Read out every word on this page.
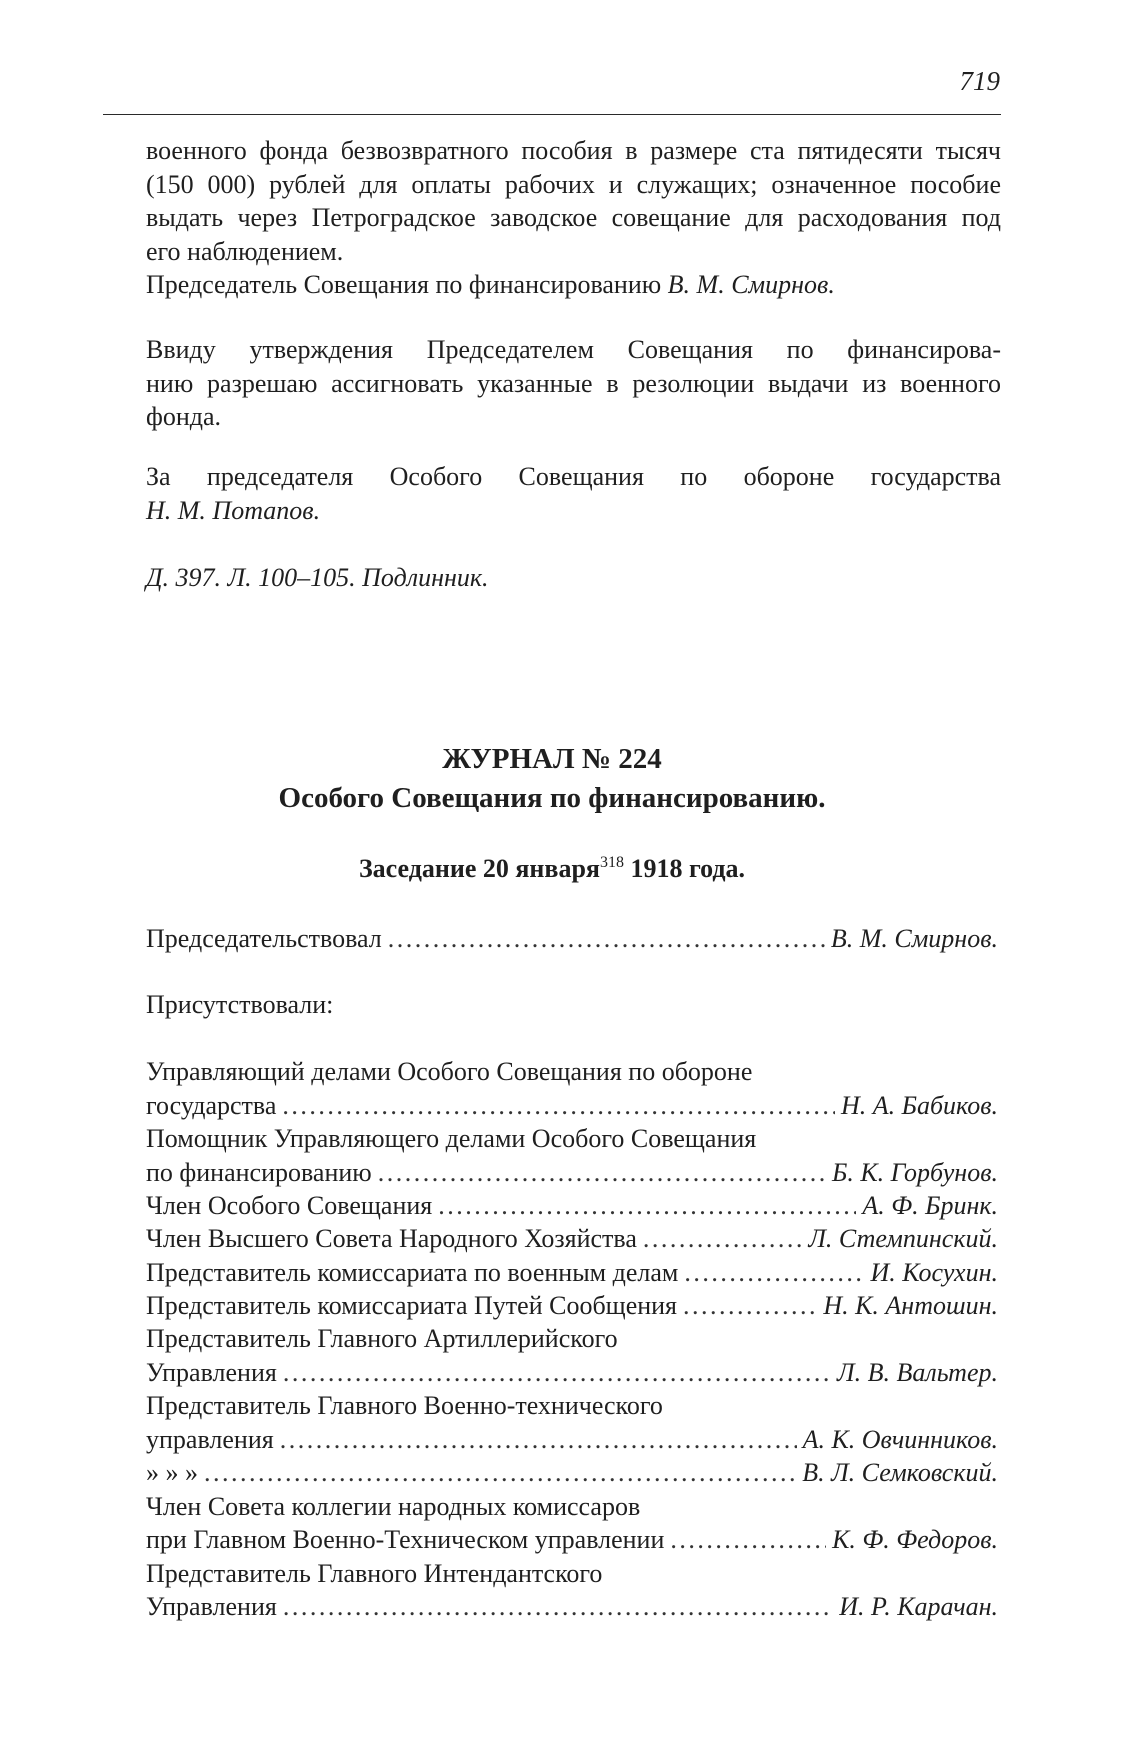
719
военного фонда безвозвратного пособия в размере ста пятидесяти тысяч
(150 000) рублей для оплаты рабочих и служащих; означенное пособие
выдать через Петроградское заводское совещание для расходования под
его наблюдением.
Председатель Совещания по финансированию В. М. Смирнов.
Ввиду утверждения Председателем Совещания по финансирова-
нию разрешаю ассигновать указанные в резолюции выдачи из военного
фонда.
За председателя Особого Совещания по обороне государства
Н. М. Потапов.
Д. 397. Л. 100–105. Подлинник.
ЖУРНАЛ № 224
Особого Совещания по финансированию.
Заседание 20 января$^{318}$ 1918 года.
Председательствовал .....	В. М. Смирнов.
Присутствовали:
Управляющий делами Особого Совещания по обороне
государства .....	Н. А. Бабиков.
Помощник Управляющего делами Особого Совещания
по финансированию .....	Б. К. Горбунов.
Член Особого Совещания .....	А. Ф. Бринк.
Член Высшего Совета Народного Хозяйства .....	Л. Стемпинский.
Представитель комиссариата по военным делам .....	И. Косухин.
Представитель комиссариата Путей Сообщения .....	Н. К. Антошин.
Представитель Главного Артиллерийского
Управления .....	Л. В. Вальтер.
Представитель Главного Военно-технического
управления .....	А. К. Овчинников.
» » » .....	В. Л. Семковский.
Член Совета коллегии народных комиссаров
при Главном Военно-Техническом управлении .....	К. Ф. Федоров.
Представитель Главного Интендантского
Управления .....	И. Р. Карачан.
